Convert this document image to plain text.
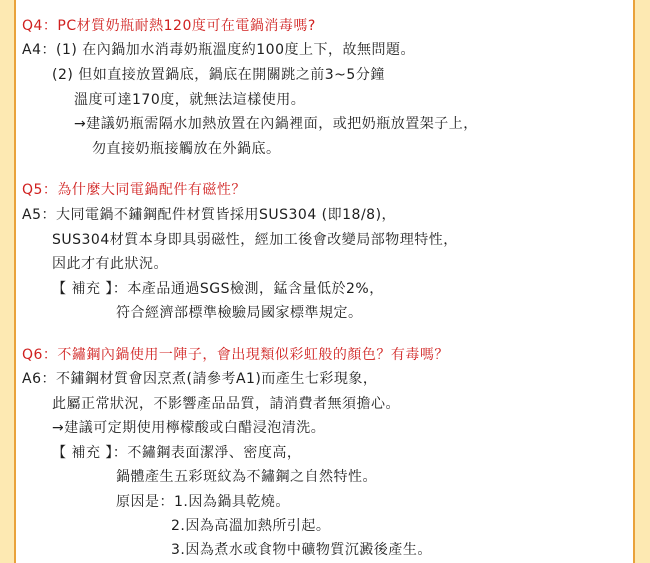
Q4：PC材質奶瓶耐熱120度可在電鍋消毒嗎?
A4：(1) 在內鍋加水消毒奶瓶溫度約100度上下，故無問題。
(2) 但如直接放置鍋底，鍋底在開關跳之前3~5分鐘
溫度可達170度，就無法這樣使用。
→建議奶瓶需隔水加熱放置在內鍋裡面，或把奶瓶放置架子上，
勿直接奶瓶接觸放在外鍋底。
Q5：為什麼大同電鍋配件有磁性？
A5：大同電鍋不鏽鋼配件材質皆採用SUS304 (即18/8)，
SUS304材質本身即具弱磁性，經加工後會改變局部物理特性，
因此才有此狀況。
【 補充 】：本產品通過SGS檢測，錳含量低於2%，
符合經濟部標準檢驗局國家標準規定。
Q6：不鏽鋼內鍋使用一陣子，會出現類似彩虹般的顏色？有毒嗎？
A6：不鏽鋼材質會因烹煮(請參考A1)而產生七彩現象，
此屬正常狀況，不影響產品品質，請消費者無須擔心。
→建議可定期使用檸檬酸或白醋浸泡清洗。
【 補充 】：不鏽鋼表面潔淨、密度高，
鍋體產生五彩斑紋為不鏽鋼之自然特性。
原因是：1.因為鍋具乾燒。
2.因為高溫加熱所引起。
3.因為煮水或食物中礦物質沉澱後產生。
